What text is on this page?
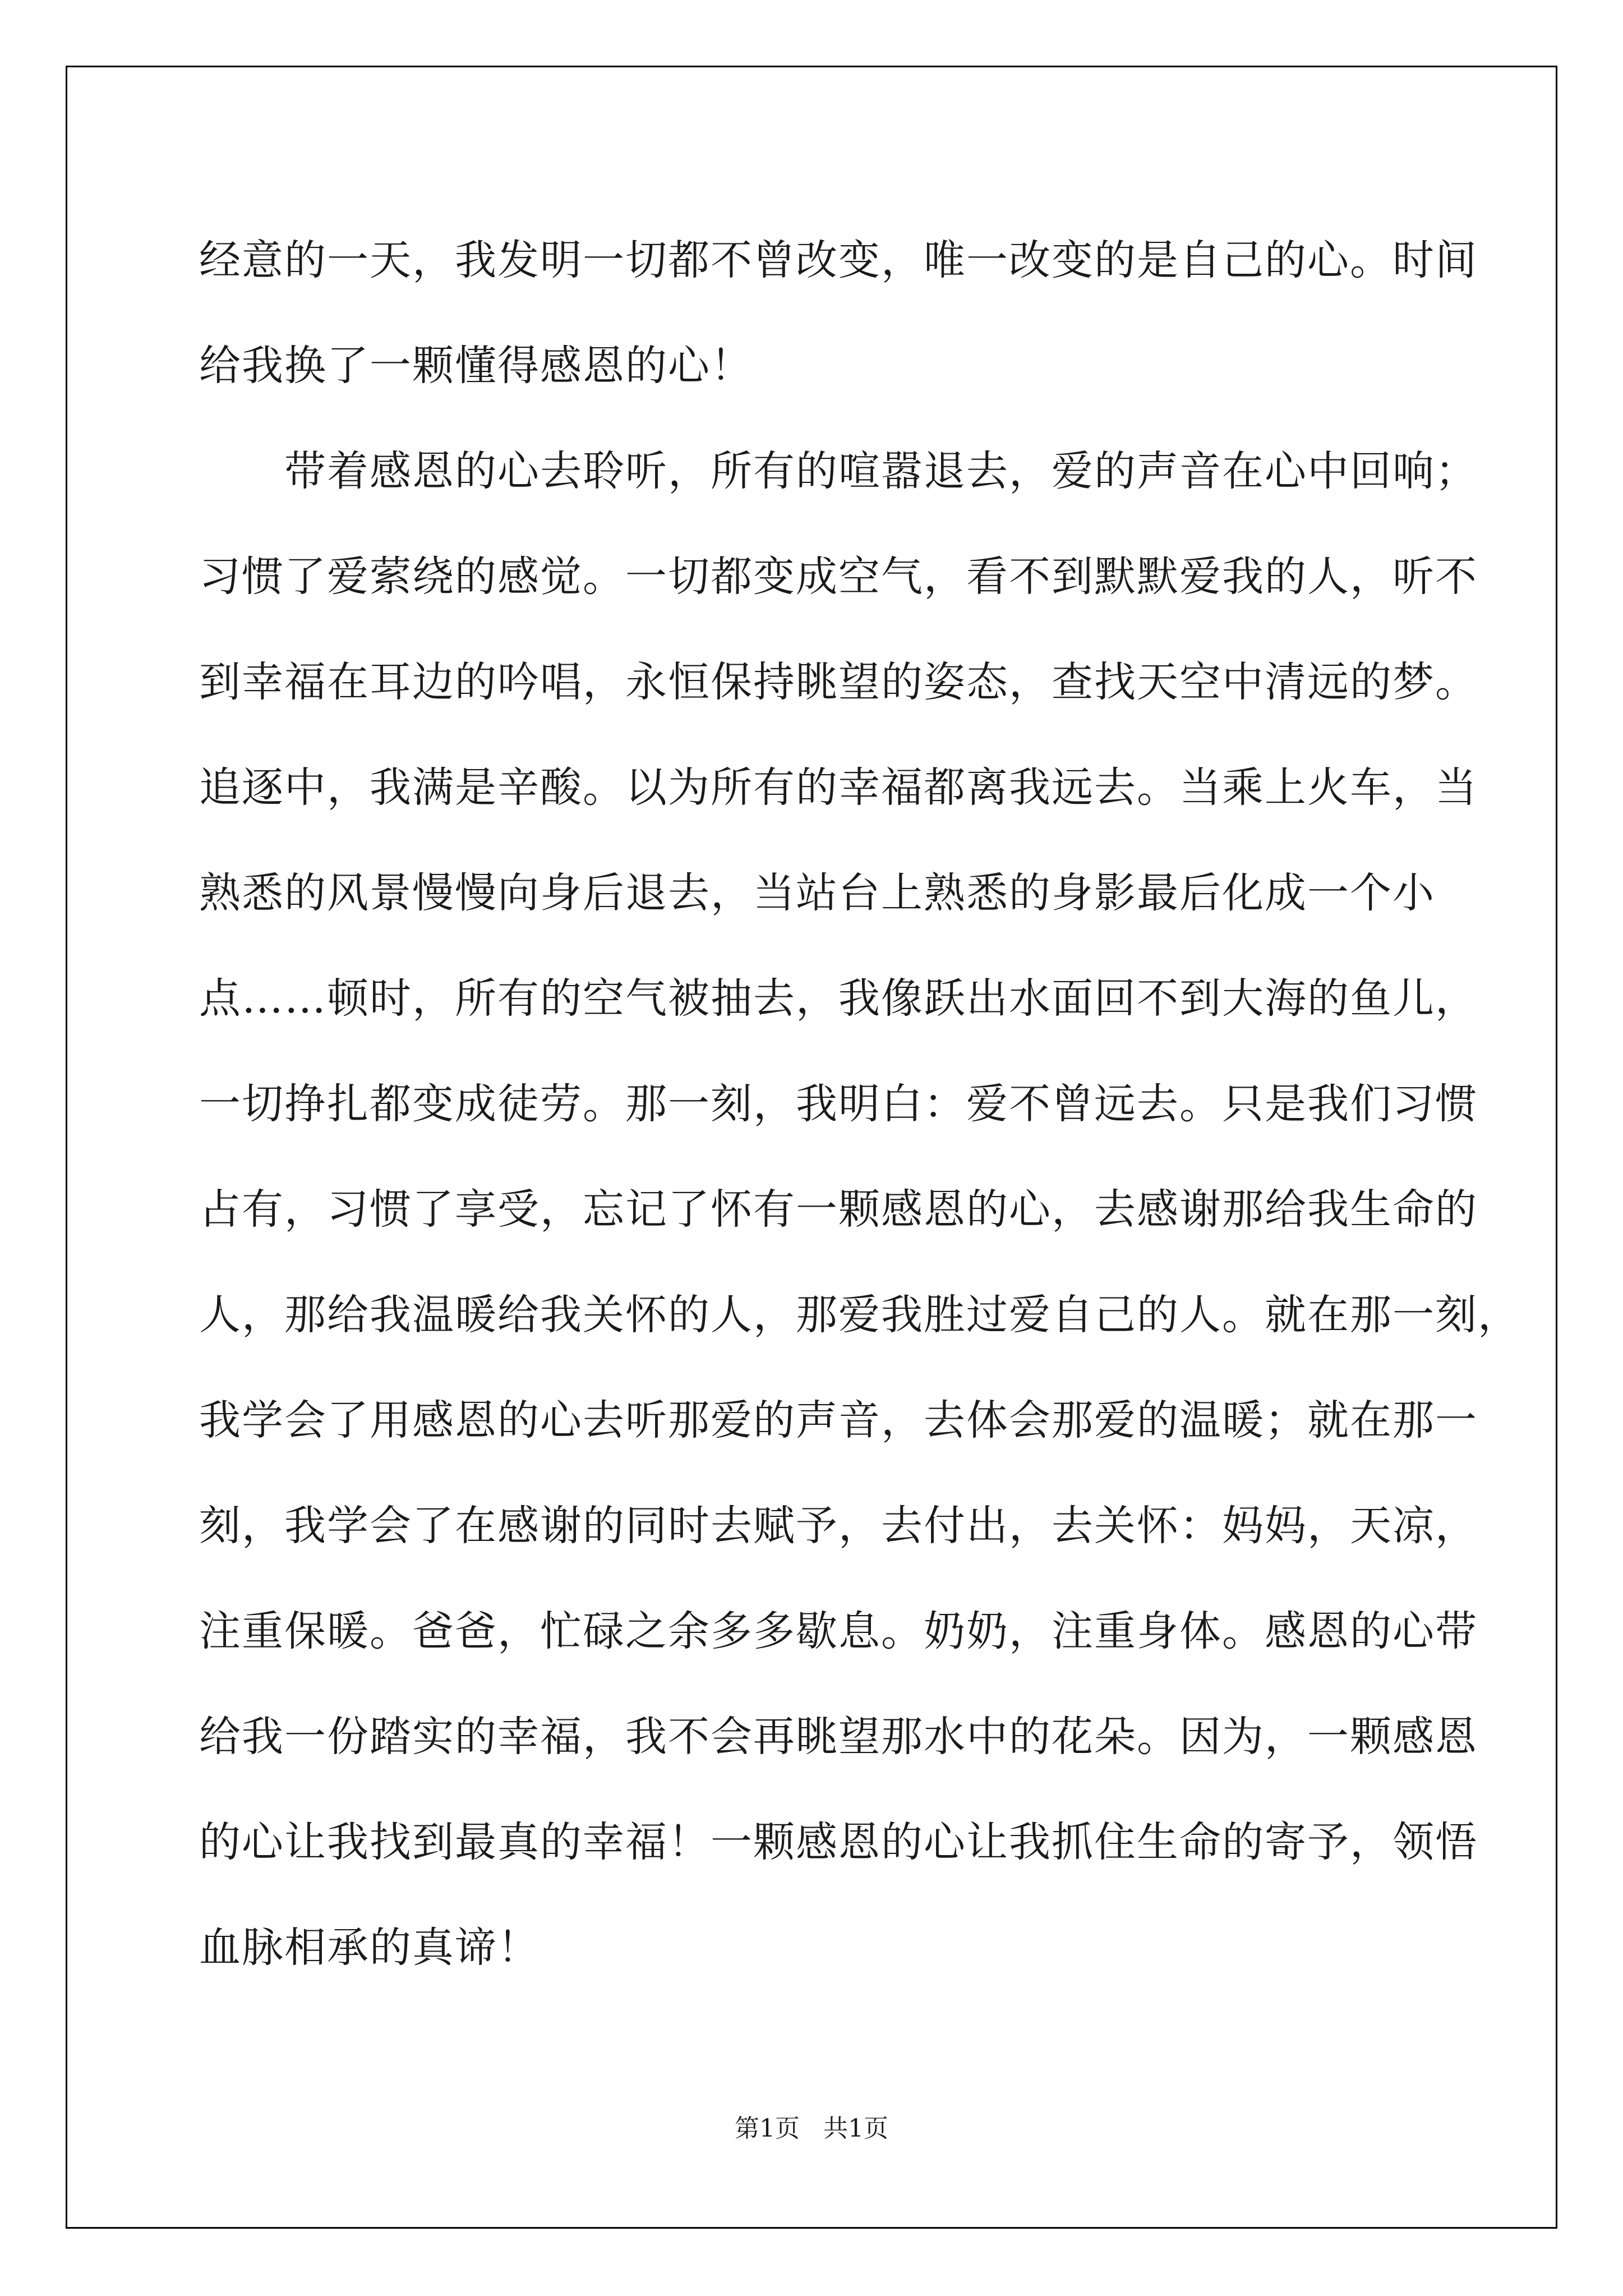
经意的一天，我发明一切都不曾改变，唯一改变的是自己的心。时间
给我换了一颗懂得感恩的心！
带着感恩的心去聆听，所有的喧嚣退去，爱的声音在心中回响；
习惯了爱萦绕的感觉。一切都变成空气，看不到默默爱我的人，听不
到幸福在耳边的吟唱，永恒保持眺望的姿态，查找天空中清远的梦。
追逐中，我满是辛酸。以为所有的幸福都离我远去。当乘上火车，当
熟悉的风景慢慢向身后退去，当站台上熟悉的身影最后化成一个小
点……顿时，所有的空气被抽去，我像跃出水面回不到大海的鱼儿，
一切挣扎都变成徒劳。那一刻，我明白：爱不曾远去。只是我们习惯
占有，习惯了享受，忘记了怀有一颗感恩的心，去感谢那给我生命的
人，那给我温暖给我关怀的人，那爱我胜过爱自己的人。就在那一刻，
我学会了用感恩的心去听那爱的声音，去体会那爱的温暖；就在那一
刻，我学会了在感谢的同时去赋予，去付出，去关怀：妈妈，天凉，
注重保暖。爸爸，忙碌之余多多歇息。奶奶，注重身体。感恩的心带
给我一份踏实的幸福，我不会再眺望那水中的花朵。因为，一颗感恩
的心让我找到最真的幸福！一颗感恩的心让我抓住生命的寄予，领悟
血脉相承的真谛！
第1页 共1页
